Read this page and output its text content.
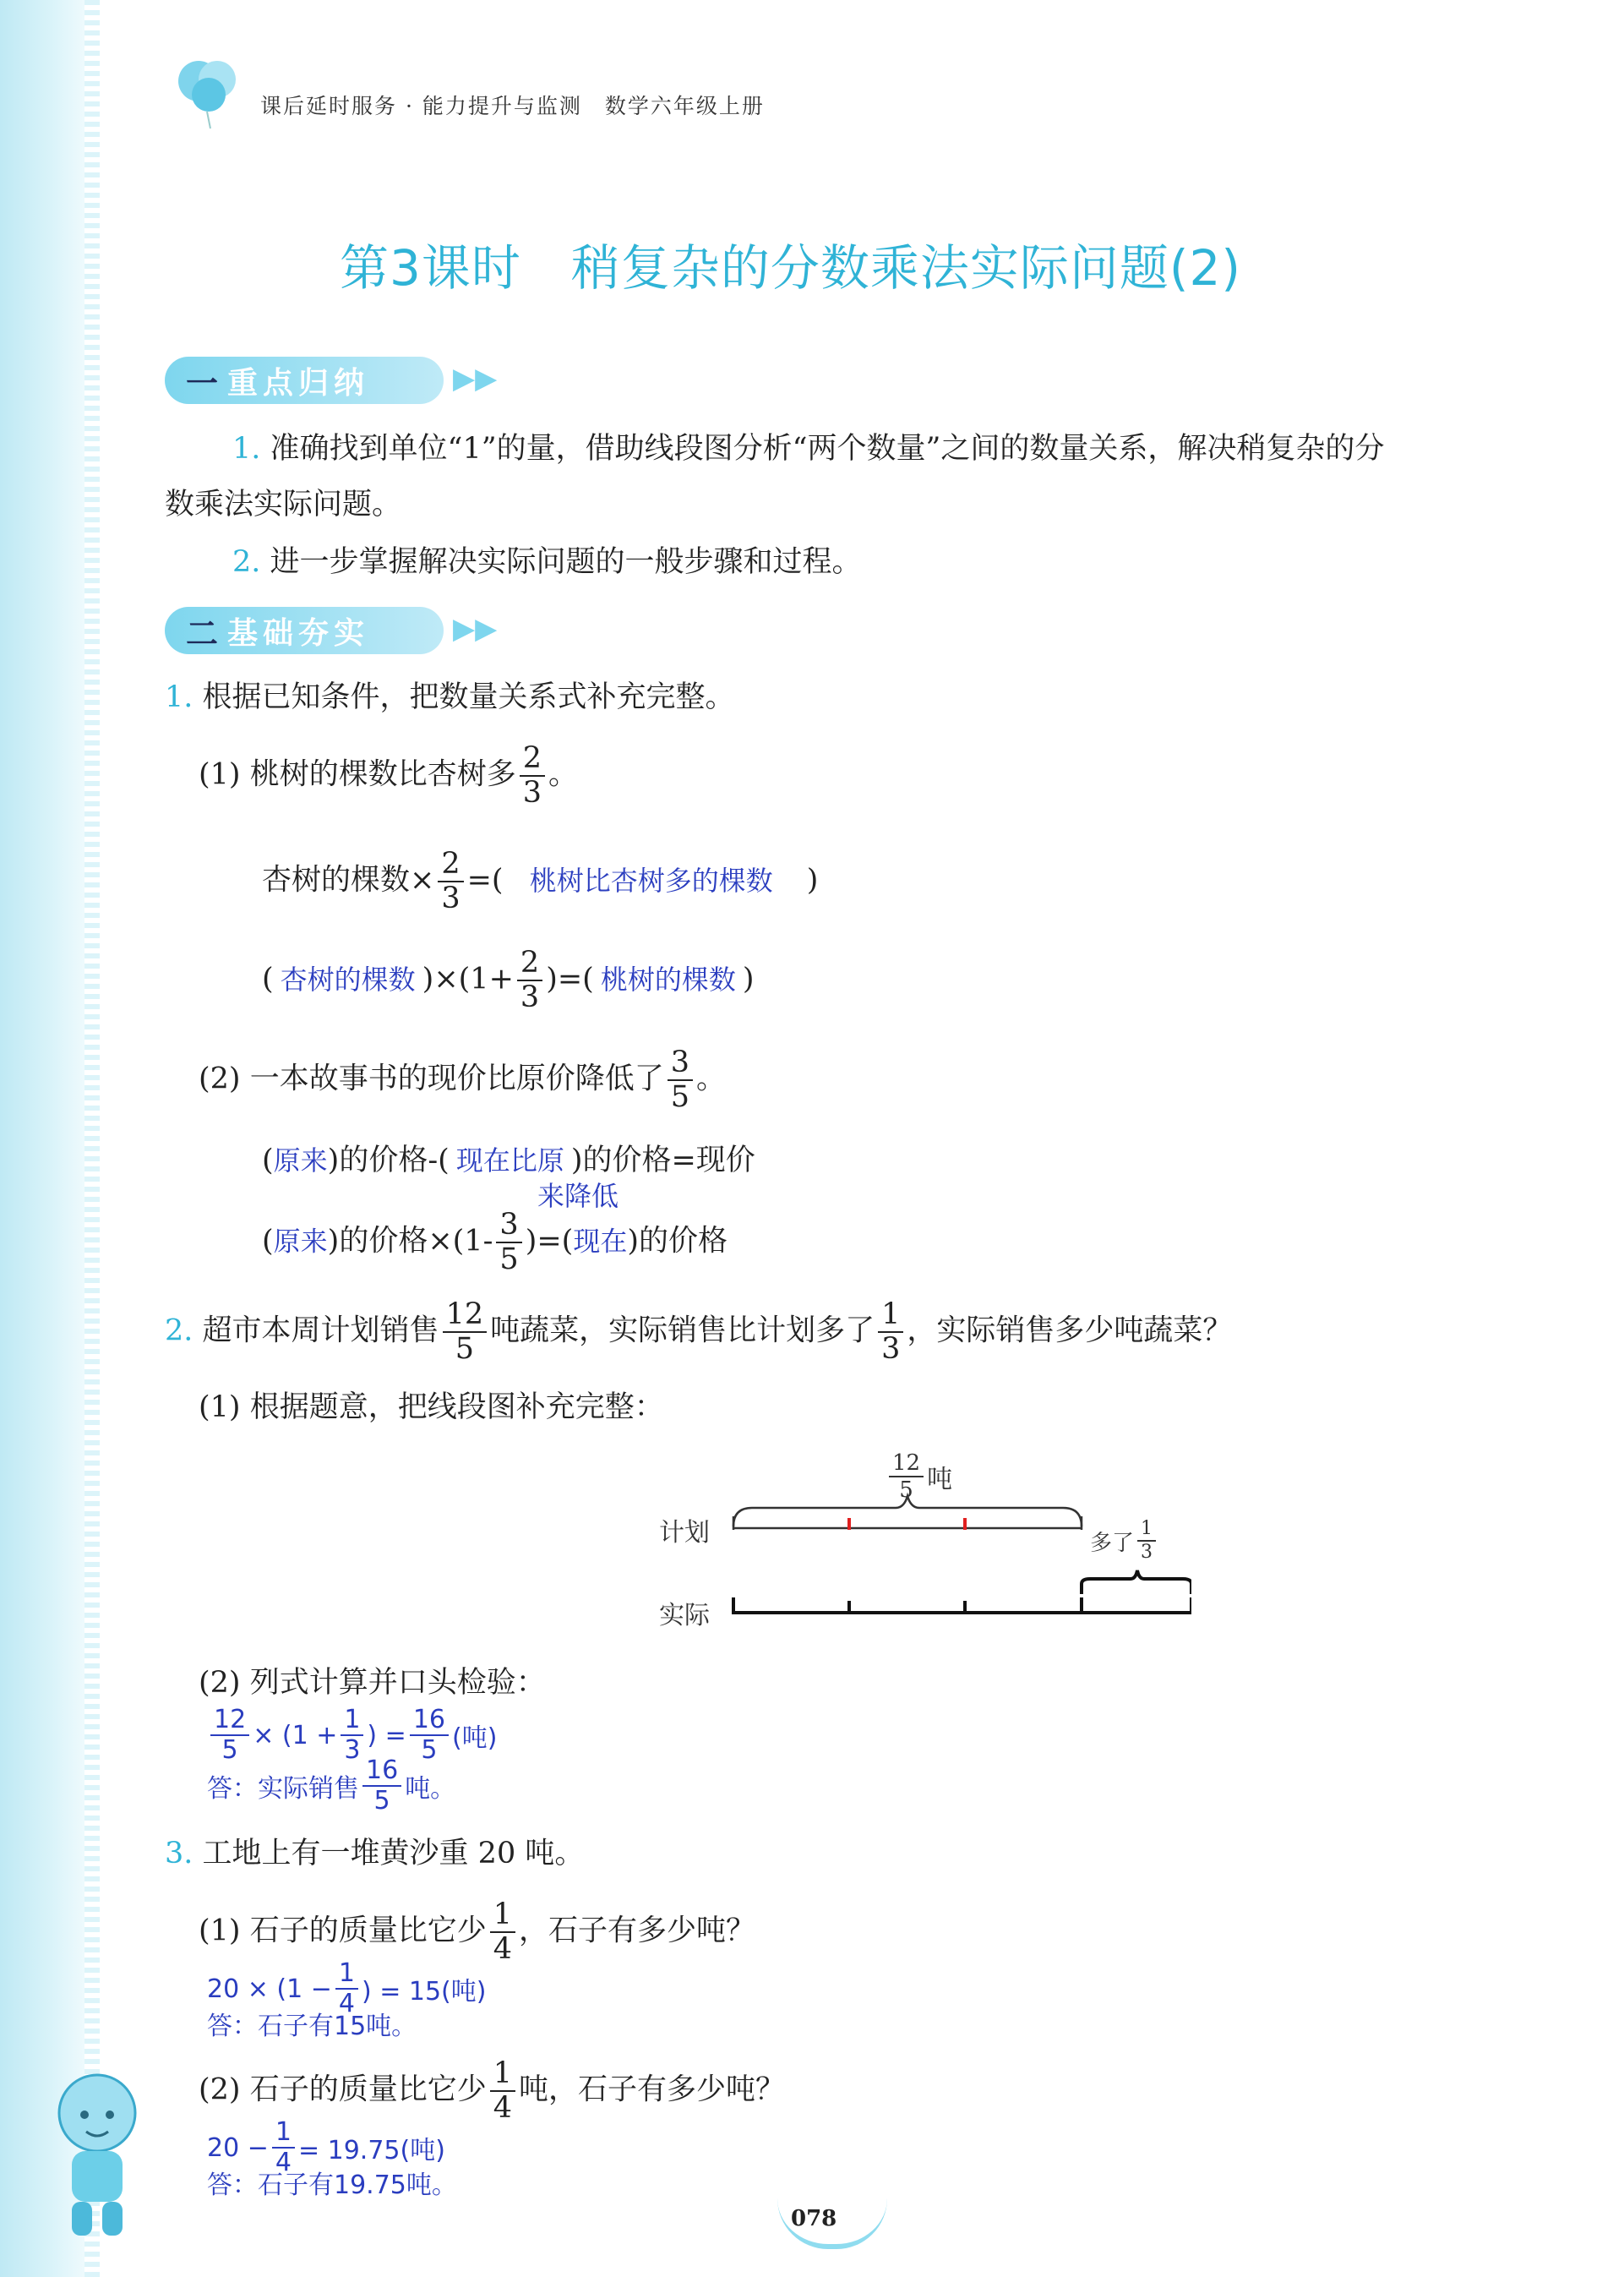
课后延时服务 · 能力提升与监测　数学六年级上册
第3课时　稍复杂的分数乘法实际问题(2)
一 重点归纳	▶▶
1. 准确找到单位“1”的量，借助线段图分析“两个数量”之间的数量关系，解决稍复杂的分
数乘法实际问题。
2. 进一步掌握解决实际问题的一般步骤和过程。
二 基础夯实	▶▶
1. 根据已知条件，把数量关系式补充完整。
(1) 桃树的棵数比杏树多 $\frac{2}{3}$ 。
杏树的棵数× $\frac{2}{3}$ =( 桃树比杏树多的棵数 )
( 杏树的棵数 )$\times(1+ \frac{2}{3}$ )=( 桃树的棵数 )
(2) 一本故事书的现价比原价降低了 $\frac{3}{5}$ 。
(原来)的价格-( 现在比原 )的价格=现价
来降低
(原来)的价格$\times(1- \frac{3}{5}$ )=(现在)的价格
2. 超市本周计划销售 $\frac{12}{5}$ 吨蔬菜，实际销售比计划多了 $\frac{1}{3}$ ，实际销售多少吨蔬菜？
(1) 根据题意，把线段图补充完整：
$\frac{12}{5}$ 吨
计划
实际
多了 $\frac{1}{3}$
(2) 列式计算并口头检验：
$\frac{12}{5} \times (1 + \frac{1}{3}$ ) = $\frac{16}{5}$ (吨)
答：实际销售 $\frac{16}{5}$ 吨。
3. 工地上有一堆黄沙重 20 吨。
(1) 石子的质量比它少 $\frac{1}{4}$ ，石子有多少吨？
$20 \times (1 - \frac{1}{4}$ ) = 15(吨)
答：石子有15吨。
(2) 石子的质量比它少 $\frac{1}{4}$ 吨，石子有多少吨？
$20 - \frac{1}{4} = 19.75$(吨)
答：石子有19.75吨。
078
